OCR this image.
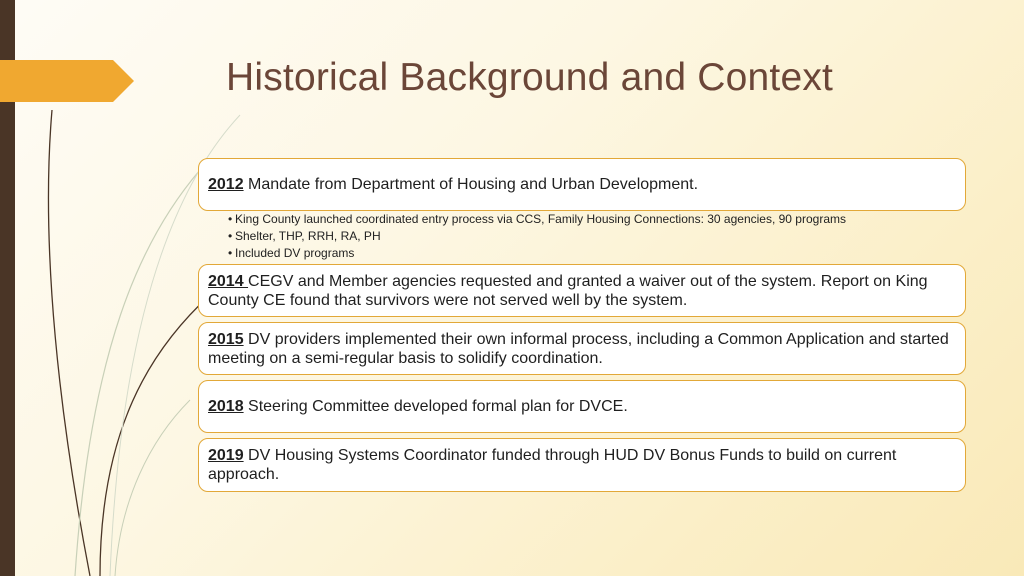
Historical Background and Context
2012 Mandate from Department of Housing and Urban Development.
• King County launched coordinated entry process via CCS, Family Housing Connections: 30 agencies, 90 programs
• Shelter, THP, RRH, RA, PH
• Included DV programs
2014 CEGV and Member agencies requested and granted a waiver out of the system. Report on King County CE found that survivors were not served well by the system.
2015 DV providers implemented their own informal process, including a Common Application and started meeting on a semi-regular basis to solidify coordination.
2018 Steering Committee developed formal plan for DVCE.
2019 DV Housing Systems Coordinator funded through HUD DV Bonus Funds to build on current approach.
